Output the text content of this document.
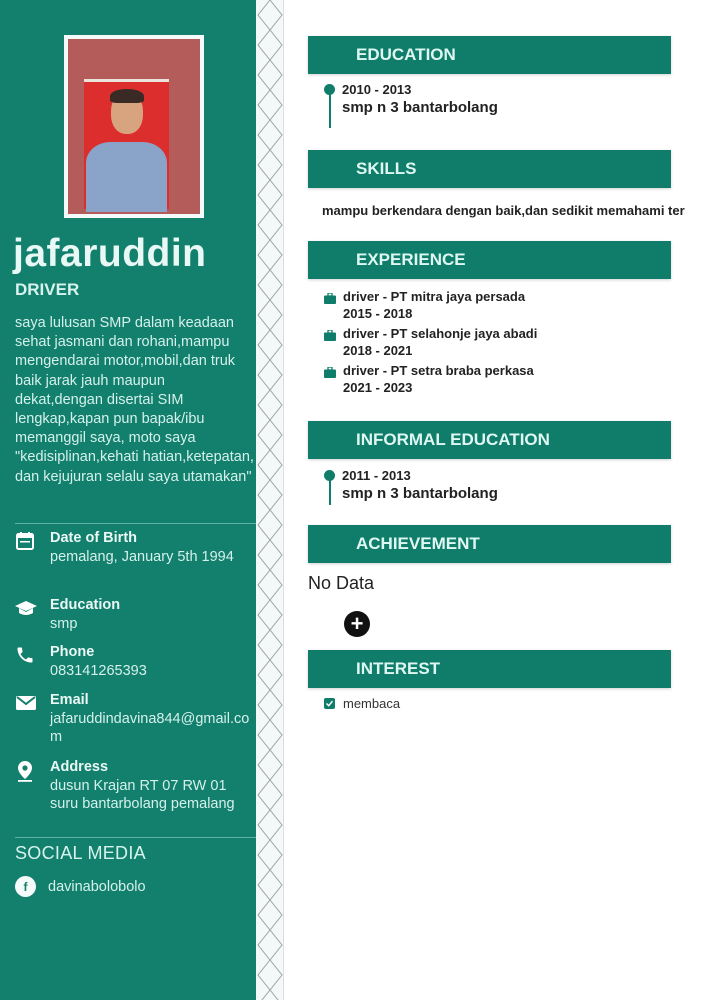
jafaruddin
DRIVER
saya lulusan SMP dalam keadaan sehat jasmani dan rohani,mampu mengendarai motor,mobil,dan truk baik jarak jauh maupun dekat,dengan disertai SIM lengkap,kapan pun bapak/ibu memanggil saya, moto saya "kedisiplinan,kehati hatian,ketepatan, dan kejujuran selalu saya utamakan"
Date of Birth
pemalang, January 5th 1994
Education
smp
Phone
083141265393
Email
jafaruddindavina844@gmail.com
Address
dusun Krajan RT 07 RW 01 suru bantarbolang pemalang
SOCIAL MEDIA
f	davinabolobolo
EDUCATION
2010 - 2013
smp n 3 bantarbolang
SKILLS
mampu berkendara dengan baik,dan sedikit memahami ter
EXPERIENCE
driver - PT mitra jaya persada
2015 - 2018
driver - PT selahonje jaya abadi
2018 - 2021
driver - PT setra braba perkasa
2021 - 2023
INFORMAL EDUCATION
2011 - 2013
smp n 3 bantarbolang
ACHIEVEMENT
No Data
+
INTEREST
membaca
